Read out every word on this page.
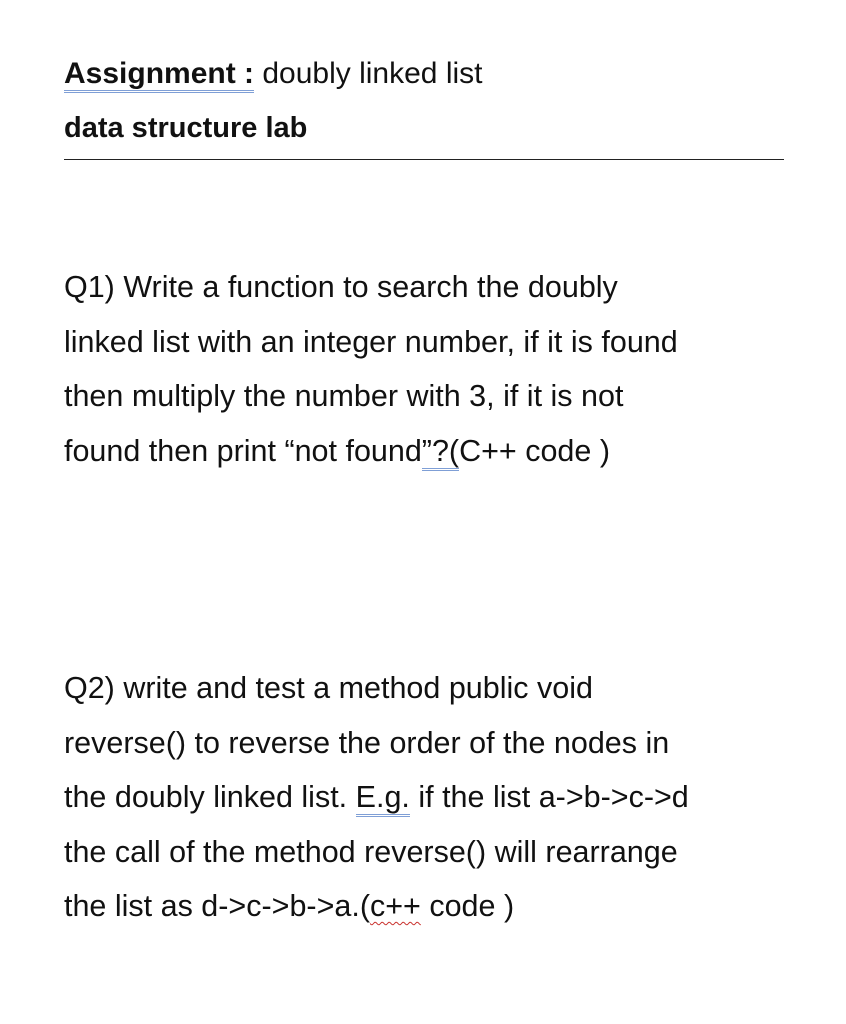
Assignment : doubly linked list
data structure lab
Q1) Write a function to search the doubly
linked list with an integer number, if it is found
then multiply the number with 3, if it is not
found then print “not found”?(C++ code )
Q2) write and test a method public void
reverse() to reverse the order of the nodes in
the doubly linked list. E.g. if the list a->b->c->d
the call of the method reverse() will rearrange
the list as d->c->b->a.(c++ code )
